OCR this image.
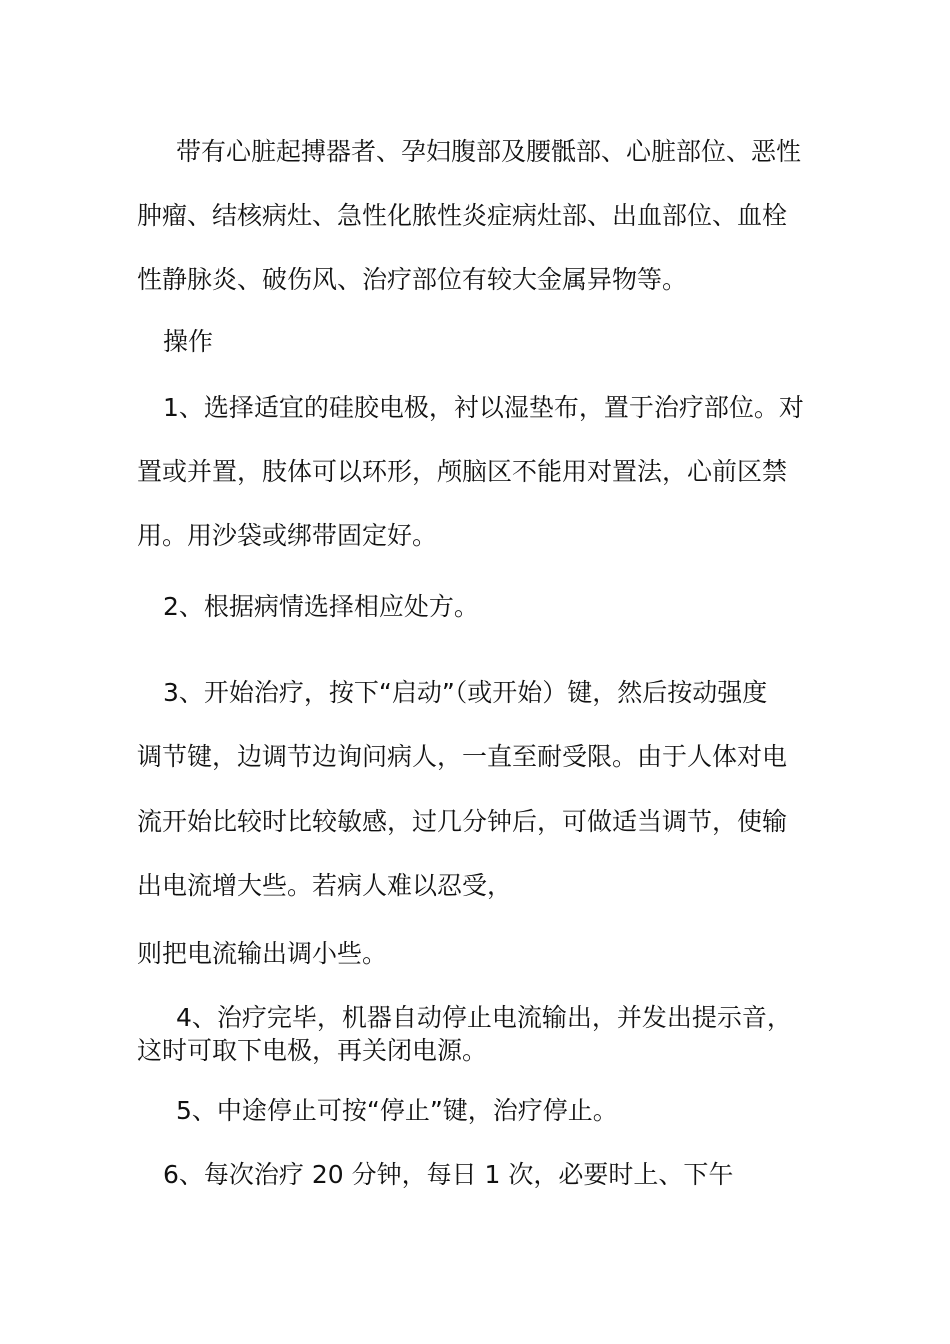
带有心脏起搏器者、孕妇腹部及腰骶部、心脏部位、恶性
肿瘤、结核病灶、急性化脓性炎症病灶部、出血部位、血栓
性静脉炎、破伤风、治疗部位有较大金属异物等。
操作
1、选择适宜的硅胶电极，衬以湿垫布，置于治疗部位。对
置或并置，肢体可以环形，颅脑区不能用对置法，心前区禁
用。用沙袋或绑带固定好。
2、根据病情选择相应处方。
3、开始治疗，按下“启动”（或开始）键，然后按动强度
调节键，边调节边询问病人，一直至耐受限。由于人体对电
流开始比较时比较敏感，过几分钟后，可做适当调节，使输
出电流增大些。若病人难以忍受，
则把电流输出调小些。
4、治疗完毕，机器自动停止电流输出，并发出提示音，
这时可取下电极，再关闭电源。
5、中途停止可按“停止”键，治疗停止。
6、每次治疗 20 分钟，每日 1 次，必要时上、下午
